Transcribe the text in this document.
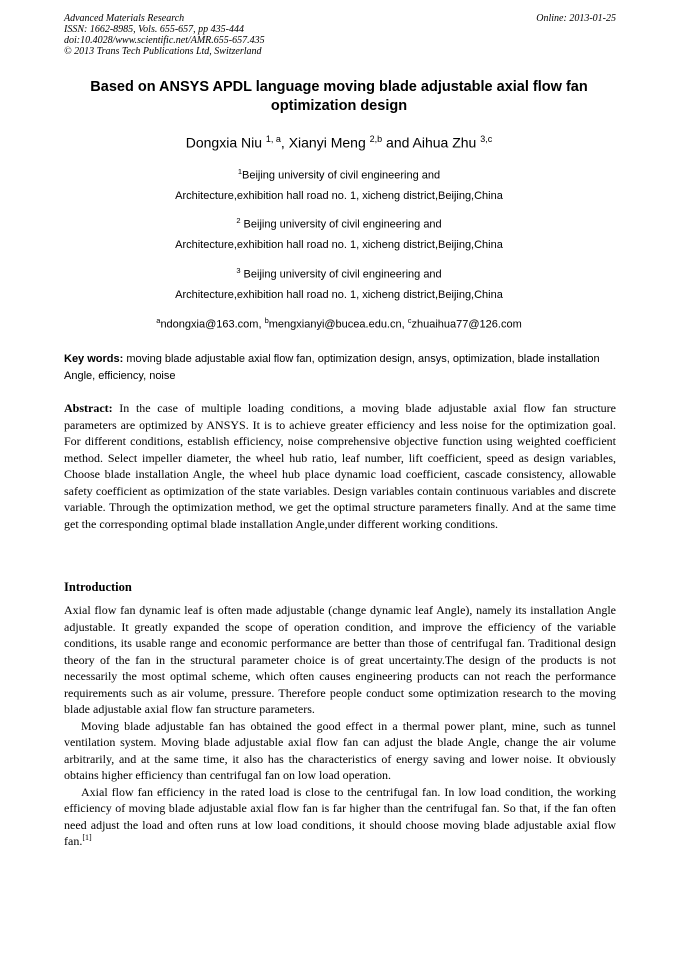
Advanced Materials Research
ISSN: 1662-8985, Vols. 655-657, pp 435-444
doi:10.4028/www.scientific.net/AMR.655-657.435
© 2013 Trans Tech Publications Ltd, Switzerland
Online: 2013-01-25
Based on ANSYS APDL language moving blade adjustable axial flow fan optimization design
Dongxia Niu $^{1, a}$, Xianyi Meng $^{2,b}$ and Aihua Zhu $^{3,c}$
$^1$Beijing university of civil engineering and
Architecture,exhibition hall road no. 1, xicheng district,Beijing,China
$^2$ Beijing university of civil engineering and
Architecture,exhibition hall road no. 1, xicheng district,Beijing,China
$^3$ Beijing university of civil engineering and
Architecture,exhibition hall road no. 1, xicheng district,Beijing,China
$^a$ndongxia@163.com, $^b$mengxianyi@bucea.edu.cn, $^c$zhuaihua77@126.com
Key words: moving blade adjustable axial flow fan, optimization design, ansys, optimization, blade installation Angle, efficiency, noise
Abstract: In the case of multiple loading conditions, a moving blade adjustable axial flow fan structure parameters are optimized by ANSYS. It is to achieve greater efficiency and less noise for the optimization goal. For different conditions, establish efficiency, noise comprehensive objective function using weighted coefficient method. Select impeller diameter, the wheel hub ratio, leaf number, lift coefficient, speed as design variables, Choose blade installation Angle, the wheel hub place dynamic load coefficient, cascade consistency, allowable safety coefficient as optimization of the state variables. Design variables contain continuous variables and discrete variable. Through the optimization method, we get the optimal structure parameters finally. And at the same time get the corresponding optimal blade installation Angle,under different working conditions.
Introduction

Axial flow fan dynamic leaf is often made adjustable (change dynamic leaf Angle), namely its installation Angle adjustable. It greatly expanded the scope of operation condition, and improve the efficiency of the variable conditions, its usable range and economic performance are better than those of centrifugal fan. Traditional design theory of the fan in the structural parameter choice is of great uncertainty.The design of the products is not necessarily the most optimal scheme, which often causes engineering products can not reach the performance requirements such as air volume, pressure. Therefore people conduct some optimization research to the moving blade adjustable axial flow fan structure parameters.

Moving blade adjustable fan has obtained the good effect in a thermal power plant, mine, such as tunnel ventilation system. Moving blade adjustable axial flow fan can adjust the blade Angle, change the air volume arbitrarily, and at the same time, it also has the characteristics of energy saving and lower noise. It obviously obtains higher efficiency than centrifugal fan on low load operation.

Axial flow fan efficiency in the rated load is close to the centrifugal fan. In low load condition, the working efficiency of moving blade adjustable axial flow fan is far higher than the centrifugal fan. So that, if the fan often need adjust the load and often runs at low load conditions, it should choose moving blade adjustable axial flow fan.[1]
